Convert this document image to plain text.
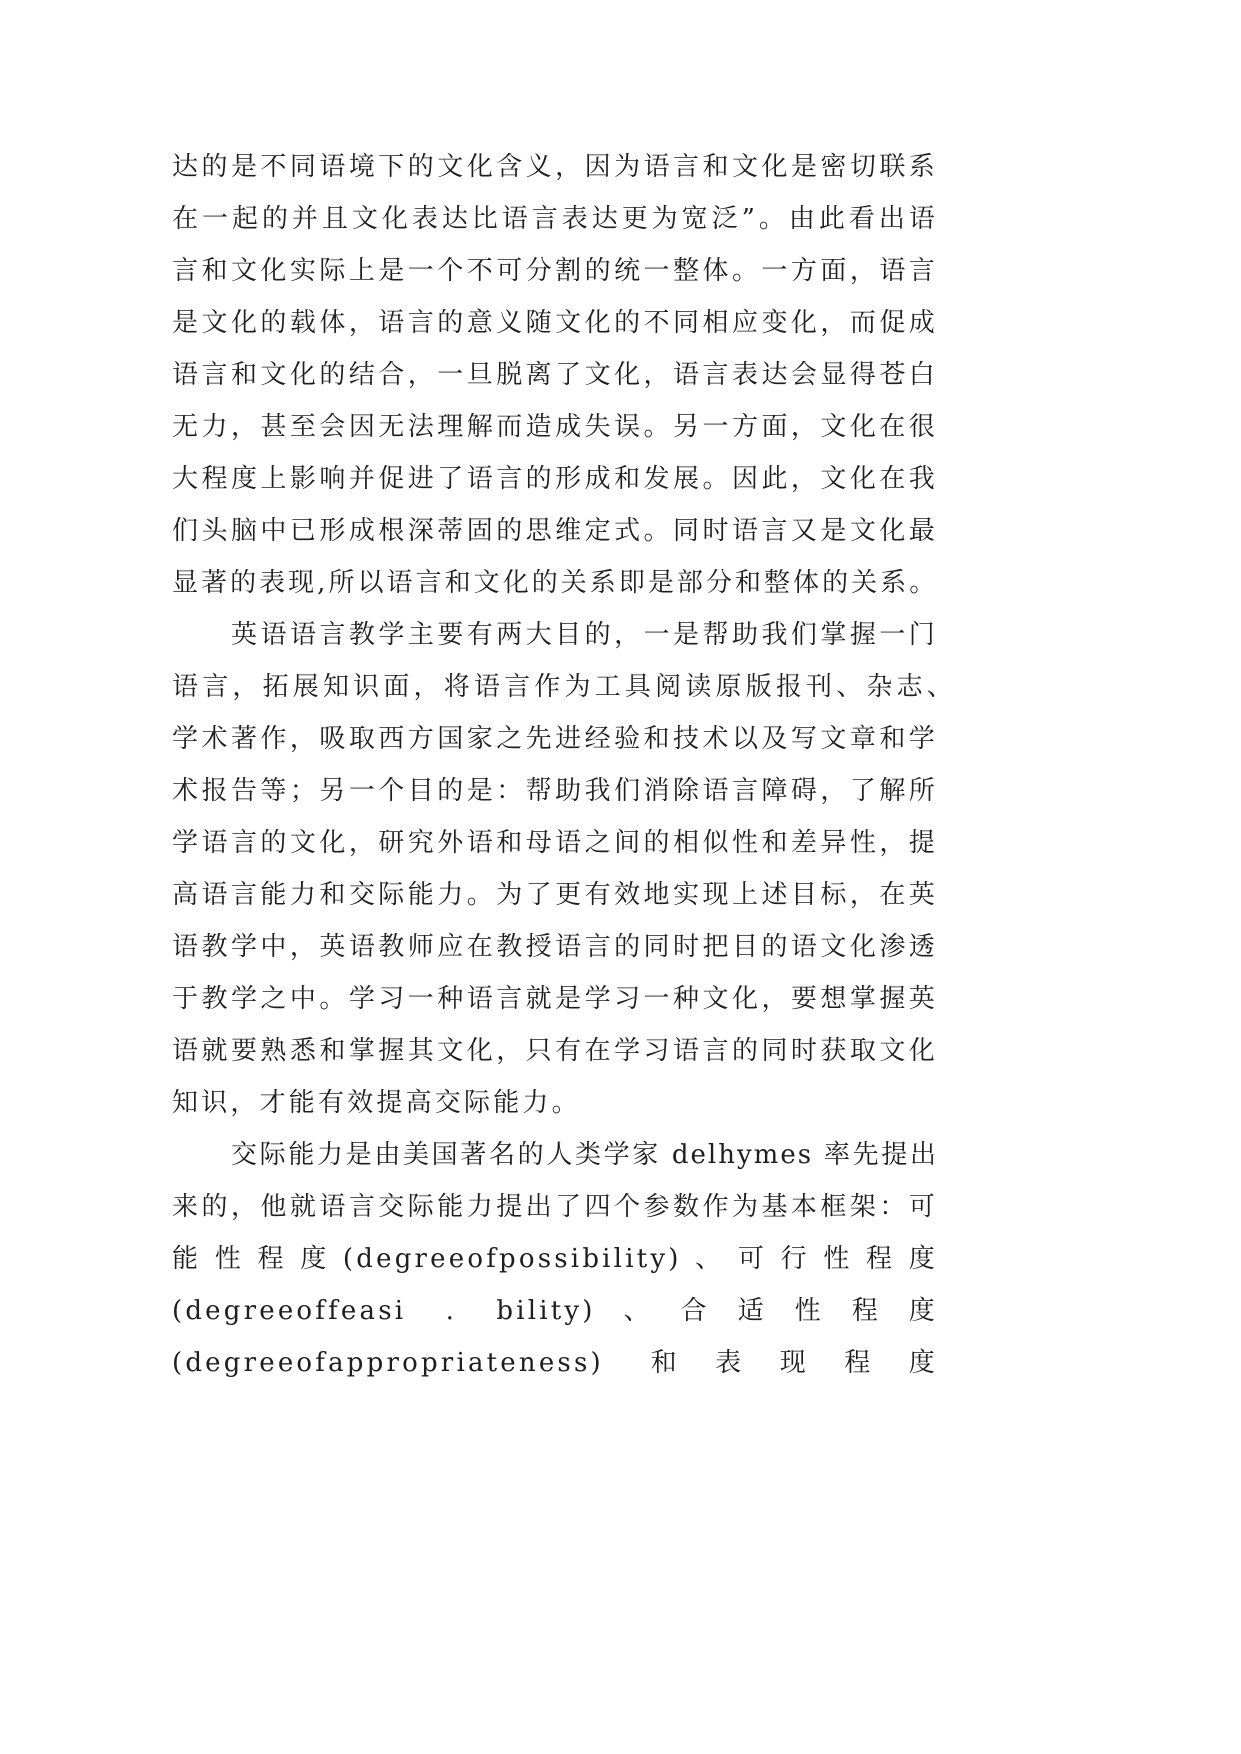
达的是不同语境下的文化含义，因为语言和文化是密切联系
在一起的并且文化表达比语言表达更为宽泛”。由此看出语
言和文化实际上是一个不可分割的统一整体。一方面，语言
是文化的载体，语言的意义随文化的不同相应变化，而促成
语言和文化的结合，一旦脱离了文化，语言表达会显得苍白
无力，甚至会因无法理解而造成失误。另一方面，文化在很
大程度上影响并促进了语言的形成和发展。因此，文化在我
们头脑中已形成根深蒂固的思维定式。同时语言又是文化最
显著的表现,所以语言和文化的关系即是部分和整体的关系。
英语语言教学主要有两大目的，一是帮助我们掌握一门
语言，拓展知识面，将语言作为工具阅读原版报刊、杂志、
学术著作，吸取西方国家之先进经验和技术以及写文章和学
术报告等；另一个目的是：帮助我们消除语言障碍，了解所
学语言的文化，研究外语和母语之间的相似性和差异性，提
高语言能力和交际能力。为了更有效地实现上述目标，在英
语教学中，英语教师应在教授语言的同时把目的语文化渗透
于教学之中。学习一种语言就是学习一种文化，要想掌握英
语就要熟悉和掌握其文化，只有在学习语言的同时获取文化
知识，才能有效提高交际能力。
交际能力是由美国著名的人类学家 delhymes 率先提出
来的，他就语言交际能力提出了四个参数作为基本框架：可
能性程度(degreeofpossibility)、可行性程度
(degreeoffeasi . bility)、合适性程度
(degreeofappropriateness) 和表现程度
